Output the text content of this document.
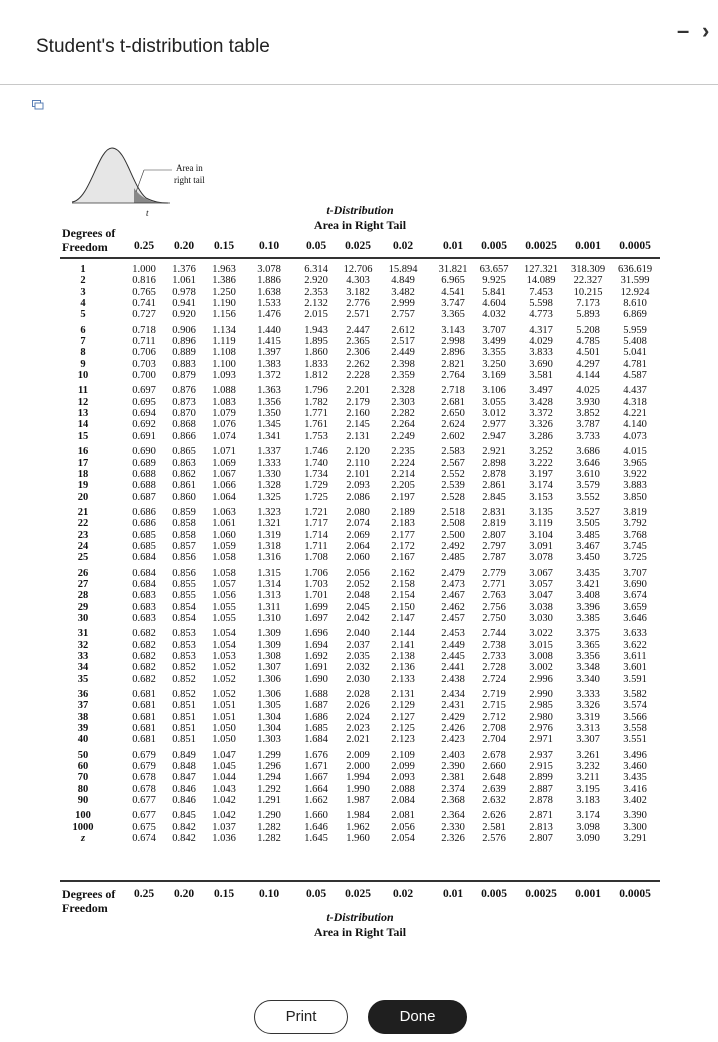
Student's t-distribution table
– ›
Area in
right tail
t
Degrees of
Freedom
t-Distribution
Area in Right Tail
0.25	0.20	0.15	0.10	0.05	0.025	0.02	0.01	0.005	0.0025	0.001	0.0005
1	1.000	1.376	1.963	3.078	6.314	12.706	15.894	31.821	63.657	127.321	318.309	636.619
2	0.816	1.061	1.386	1.886	2.920	4.303	4.849	6.965	9.925	14.089	22.327	31.599
3	0.765	0.978	1.250	1.638	2.353	3.182	3.482	4.541	5.841	7.453	10.215	12.924
4	0.741	0.941	1.190	1.533	2.132	2.776	2.999	3.747	4.604	5.598	7.173	8.610
5	0.727	0.920	1.156	1.476	2.015	2.571	2.757	3.365	4.032	4.773	5.893	6.869
6	0.718	0.906	1.134	1.440	1.943	2.447	2.612	3.143	3.707	4.317	5.208	5.959
7	0.711	0.896	1.119	1.415	1.895	2.365	2.517	2.998	3.499	4.029	4.785	5.408
8	0.706	0.889	1.108	1.397	1.860	2.306	2.449	2.896	3.355	3.833	4.501	5.041
9	0.703	0.883	1.100	1.383	1.833	2.262	2.398	2.821	3.250	3.690	4.297	4.781
10	0.700	0.879	1.093	1.372	1.812	2.228	2.359	2.764	3.169	3.581	4.144	4.587
11	0.697	0.876	1.088	1.363	1.796	2.201	2.328	2.718	3.106	3.497	4.025	4.437
12	0.695	0.873	1.083	1.356	1.782	2.179	2.303	2.681	3.055	3.428	3.930	4.318
13	0.694	0.870	1.079	1.350	1.771	2.160	2.282	2.650	3.012	3.372	3.852	4.221
14	0.692	0.868	1.076	1.345	1.761	2.145	2.264	2.624	2.977	3.326	3.787	4.140
15	0.691	0.866	1.074	1.341	1.753	2.131	2.249	2.602	2.947	3.286	3.733	4.073
16	0.690	0.865	1.071	1.337	1.746	2.120	2.235	2.583	2.921	3.252	3.686	4.015
17	0.689	0.863	1.069	1.333	1.740	2.110	2.224	2.567	2.898	3.222	3.646	3.965
18	0.688	0.862	1.067	1.330	1.734	2.101	2.214	2.552	2.878	3.197	3.610	3.922
19	0.688	0.861	1.066	1.328	1.729	2.093	2.205	2.539	2.861	3.174	3.579	3.883
20	0.687	0.860	1.064	1.325	1.725	2.086	2.197	2.528	2.845	3.153	3.552	3.850
21	0.686	0.859	1.063	1.323	1.721	2.080	2.189	2.518	2.831	3.135	3.527	3.819
22	0.686	0.858	1.061	1.321	1.717	2.074	2.183	2.508	2.819	3.119	3.505	3.792
23	0.685	0.858	1.060	1.319	1.714	2.069	2.177	2.500	2.807	3.104	3.485	3.768
24	0.685	0.857	1.059	1.318	1.711	2.064	2.172	2.492	2.797	3.091	3.467	3.745
25	0.684	0.856	1.058	1.316	1.708	2.060	2.167	2.485	2.787	3.078	3.450	3.725
26	0.684	0.856	1.058	1.315	1.706	2.056	2.162	2.479	2.779	3.067	3.435	3.707
27	0.684	0.855	1.057	1.314	1.703	2.052	2.158	2.473	2.771	3.057	3.421	3.690
28	0.683	0.855	1.056	1.313	1.701	2.048	2.154	2.467	2.763	3.047	3.408	3.674
29	0.683	0.854	1.055	1.311	1.699	2.045	2.150	2.462	2.756	3.038	3.396	3.659
30	0.683	0.854	1.055	1.310	1.697	2.042	2.147	2.457	2.750	3.030	3.385	3.646
31	0.682	0.853	1.054	1.309	1.696	2.040	2.144	2.453	2.744	3.022	3.375	3.633
32	0.682	0.853	1.054	1.309	1.694	2.037	2.141	2.449	2.738	3.015	3.365	3.622
33	0.682	0.853	1.053	1.308	1.692	2.035	2.138	2.445	2.733	3.008	3.356	3.611
34	0.682	0.852	1.052	1.307	1.691	2.032	2.136	2.441	2.728	3.002	3.348	3.601
35	0.682	0.852	1.052	1.306	1.690	2.030	2.133	2.438	2.724	2.996	3.340	3.591
36	0.681	0.852	1.052	1.306	1.688	2.028	2.131	2.434	2.719	2.990	3.333	3.582
37	0.681	0.851	1.051	1.305	1.687	2.026	2.129	2.431	2.715	2.985	3.326	3.574
38	0.681	0.851	1.051	1.304	1.686	2.024	2.127	2.429	2.712	2.980	3.319	3.566
39	0.681	0.851	1.050	1.304	1.685	2.023	2.125	2.426	2.708	2.976	3.313	3.558
40	0.681	0.851	1.050	1.303	1.684	2.021	2.123	2.423	2.704	2.971	3.307	3.551
50	0.679	0.849	1.047	1.299	1.676	2.009	2.109	2.403	2.678	2.937	3.261	3.496
60	0.679	0.848	1.045	1.296	1.671	2.000	2.099	2.390	2.660	2.915	3.232	3.460
70	0.678	0.847	1.044	1.294	1.667	1.994	2.093	2.381	2.648	2.899	3.211	3.435
80	0.678	0.846	1.043	1.292	1.664	1.990	2.088	2.374	2.639	2.887	3.195	3.416
90	0.677	0.846	1.042	1.291	1.662	1.987	2.084	2.368	2.632	2.878	3.183	3.402
100	0.677	0.845	1.042	1.290	1.660	1.984	2.081	2.364	2.626	2.871	3.174	3.390
1000	0.675	0.842	1.037	1.282	1.646	1.962	2.056	2.330	2.581	2.813	3.098	3.300
z	0.674	0.842	1.036	1.282	1.645	1.960	2.054	2.326	2.576	2.807	3.090	3.291
Degrees of
Freedom
0.25	0.20	0.15	0.10	0.05	0.025	0.02	0.01	0.005	0.0025	0.001	0.0005
t-Distribution
Area in Right Tail
Print	Done
